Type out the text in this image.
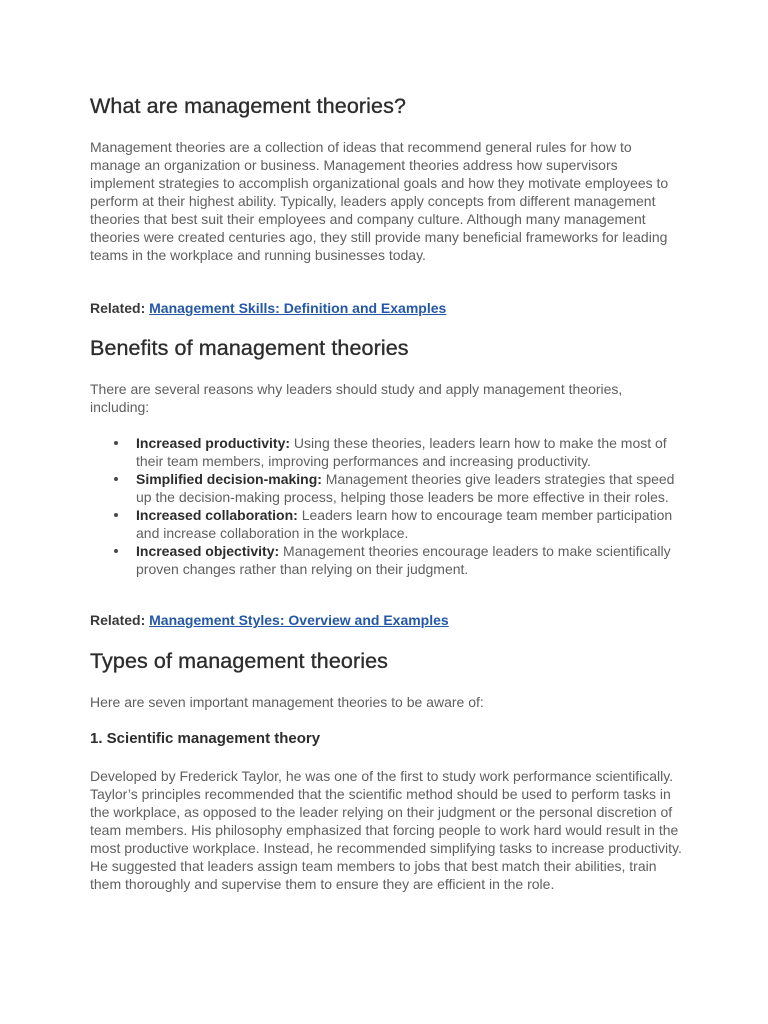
What are management theories?

Management theories are a collection of ideas that recommend general rules for how to manage an organization or business. Management theories address how supervisors implement strategies to accomplish organizational goals and how they motivate employees to perform at their highest ability. Typically, leaders apply concepts from different management theories that best suit their employees and company culture. Although many management theories were created centuries ago, they still provide many beneficial frameworks for leading teams in the workplace and running businesses today.

Related: Management Skills: Definition and Examples
Benefits of management theories

There are several reasons why leaders should study and apply management theories, including:

Increased productivity: Using these theories, leaders learn how to make the most of their team members, improving performances and increasing productivity.
Simplified decision-making: Management theories give leaders strategies that speed up the decision-making process, helping those leaders be more effective in their roles.
Increased collaboration: Leaders learn how to encourage team member participation and increase collaboration in the workplace.
Increased objectivity: Management theories encourage leaders to make scientifically proven changes rather than relying on their judgment.
Related: Management Styles: Overview and Examples
Types of management theories

Here are seven important management theories to be aware of:

1. Scientific management theory

Developed by Frederick Taylor, he was one of the first to study work performance scientifically. Taylor’s principles recommended that the scientific method should be used to perform tasks in the workplace, as opposed to the leader relying on their judgment or the personal discretion of team members. His philosophy emphasized that forcing people to work hard would result in the most productive workplace. Instead, he recommended simplifying tasks to increase productivity. He suggested that leaders assign team members to jobs that best match their abilities, train them thoroughly and supervise them to ensure they are efficient in the role.
